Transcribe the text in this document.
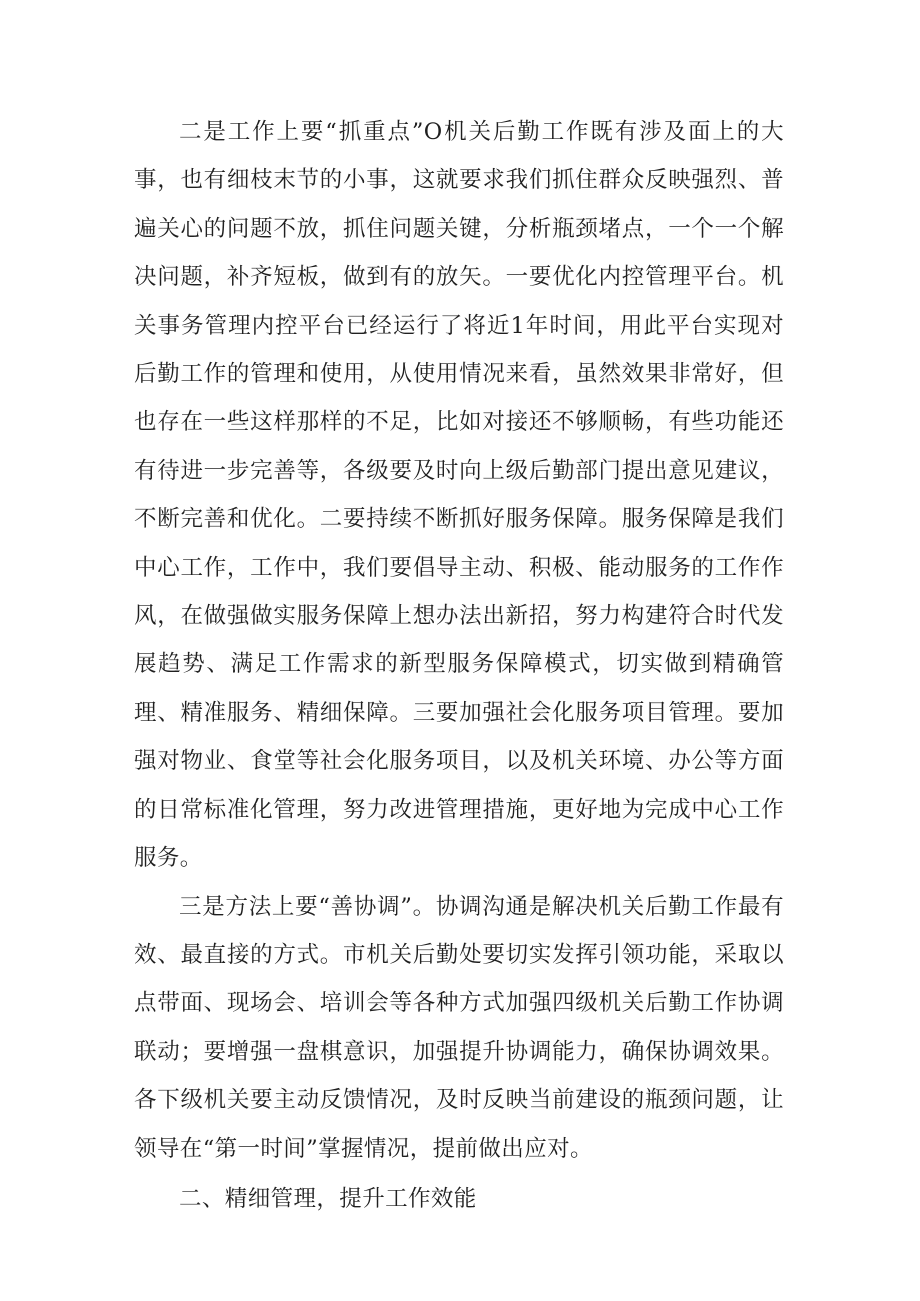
二是工作上要“抓重点”O机关后勤工作既有涉及面上的大事，也有细枝末节的小事，这就要求我们抓住群众反映强烈、普遍关心的问题不放，抓住问题关键，分析瓶颈堵点，一个一个解决问题，补齐短板，做到有的放矢。一要优化内控管理平台。机关事务管理内控平台已经运行了将近1年时间，用此平台实现对后勤工作的管理和使用，从使用情况来看，虽然效果非常好，但也存在一些这样那样的不足，比如对接还不够顺畅，有些功能还有待进一步完善等，各级要及时向上级后勤部门提出意见建议，不断完善和优化。二要持续不断抓好服务保障。服务保障是我们中心工作，工作中，我们要倡导主动、积极、能动服务的工作作风，在做强做实服务保障上想办法出新招，努力构建符合时代发展趋势、满足工作需求的新型服务保障模式，切实做到精确管理、精准服务、精细保障。三要加强社会化服务项目管理。要加强对物业、食堂等社会化服务项目，以及机关环境、办公等方面的日常标准化管理，努力改进管理措施，更好地为完成中心工作服务。

三是方法上要“善协调”。协调沟通是解决机关后勤工作最有效、最直接的方式。市机关后勤处要切实发挥引领功能，采取以点带面、现场会、培训会等各种方式加强四级机关后勤工作协调联动；要增强一盘棋意识，加强提升协调能力，确保协调效果。各下级机关要主动反馈情况，及时反映当前建设的瓶颈问题，让领导在“第一时间”掌握情况，提前做出应对。

二、精细管理，提升工作效能
